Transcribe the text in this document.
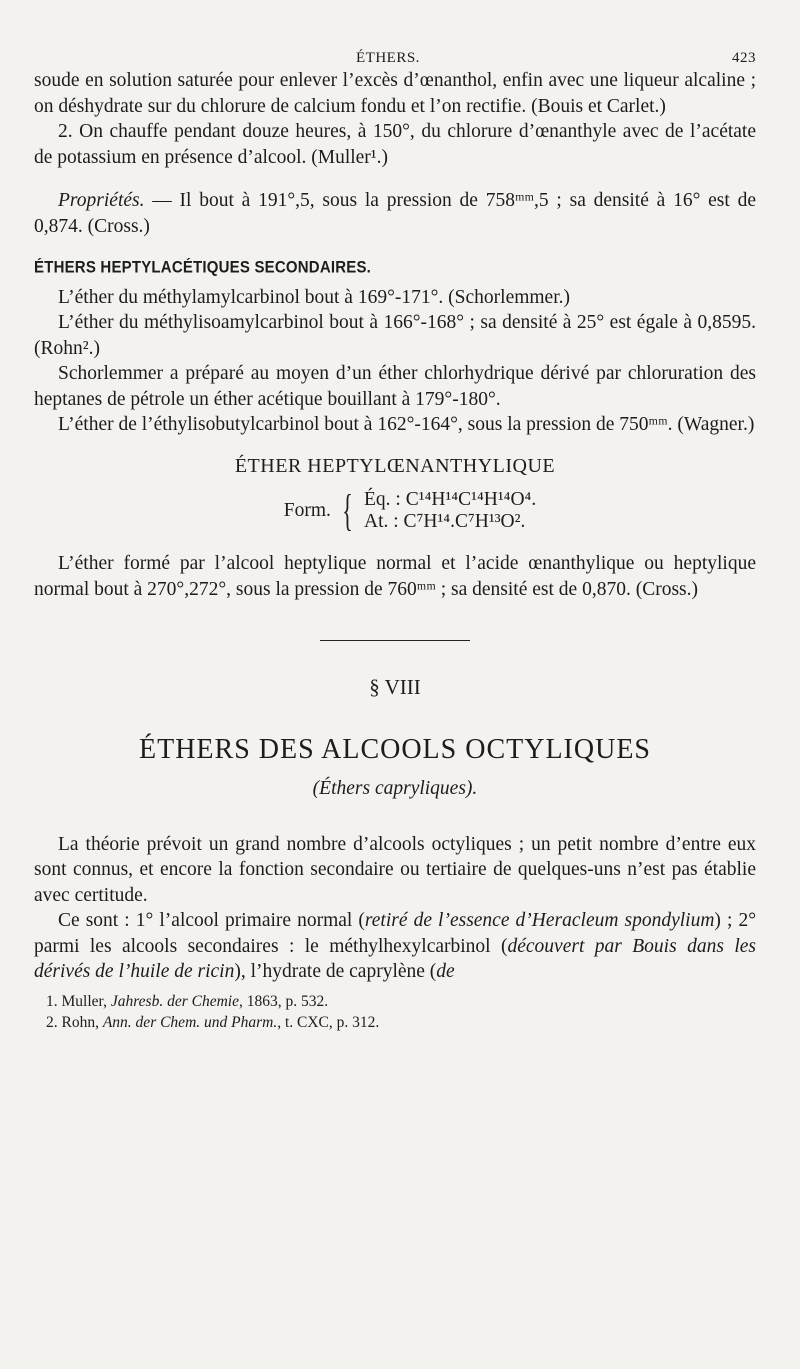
ÉTHERS.	423

soude en solution saturée pour enlever l’excès d’œnanthol, enfin avec une liqueur alcaline ; on déshydrate sur du chlorure de calcium fondu et l’on rectifie. (Bouis et Carlet.)

2. On chauffe pendant douze heures, à 150°, du chlorure d’œnanthyle avec de l’acétate de potassium en présence d’alcool. (Muller¹.)

Propriétés. — Il bout à 191°,5, sous la pression de 758ᵐᵐ,5 ; sa densité à 16° est de 0,874. (Cross.)

ÉTHERS HEPTYLACÉTIQUES SECONDAIRES.

L’éther du méthylamylcarbinol bout à 169°-171°. (Schorlemmer.)

L’éther du méthylisoamylcarbinol bout à 166°-168° ; sa densité à 25° est égale à 0,8595. (Rohn².)

Schorlemmer a préparé au moyen d’un éther chlorhydrique dérivé par chloruration des heptanes de pétrole un éther acétique bouillant à 179°-180°.

L’éther de l’éthylisobutylcarbinol bout à 162°-164°, sous la pression de 750ᵐᵐ. (Wagner.)

ÉTHER HEPTYLŒNANTHYLIQUE
Form. { Éq. : C¹⁴H¹⁴C¹⁴H¹⁴O⁴.
At. : C⁷H¹⁴.C⁷H¹³O².

L’éther formé par l’alcool heptylique normal et l’acide œnanthylique ou heptylique normal bout à 270°,272°, sous la pression de 760ᵐᵐ ; sa densité est de 0,870. (Cross.)

§ VIII
ÉTHERS DES ALCOOLS OCTYLIQUES
(Éthers capryliques).

La théorie prévoit un grand nombre d’alcools octyliques ; un petit nombre d’entre eux sont connus, et encore la fonction secondaire ou tertiaire de quelques-uns n’est pas établie avec certitude.

Ce sont : 1° l’alcool primaire normal (retiré de l’essence d’Heracleum spondylium) ; 2° parmi les alcools secondaires : le méthylhexylcarbinol (découvert par Bouis dans les dérivés de l’huile de ricin), l’hydrate de caprylène (de

1. Muller, Jahresb. der Chemie, 1863, p. 532.
2. Rohn, Ann. der Chem. und Pharm., t. CXC, p. 312.
